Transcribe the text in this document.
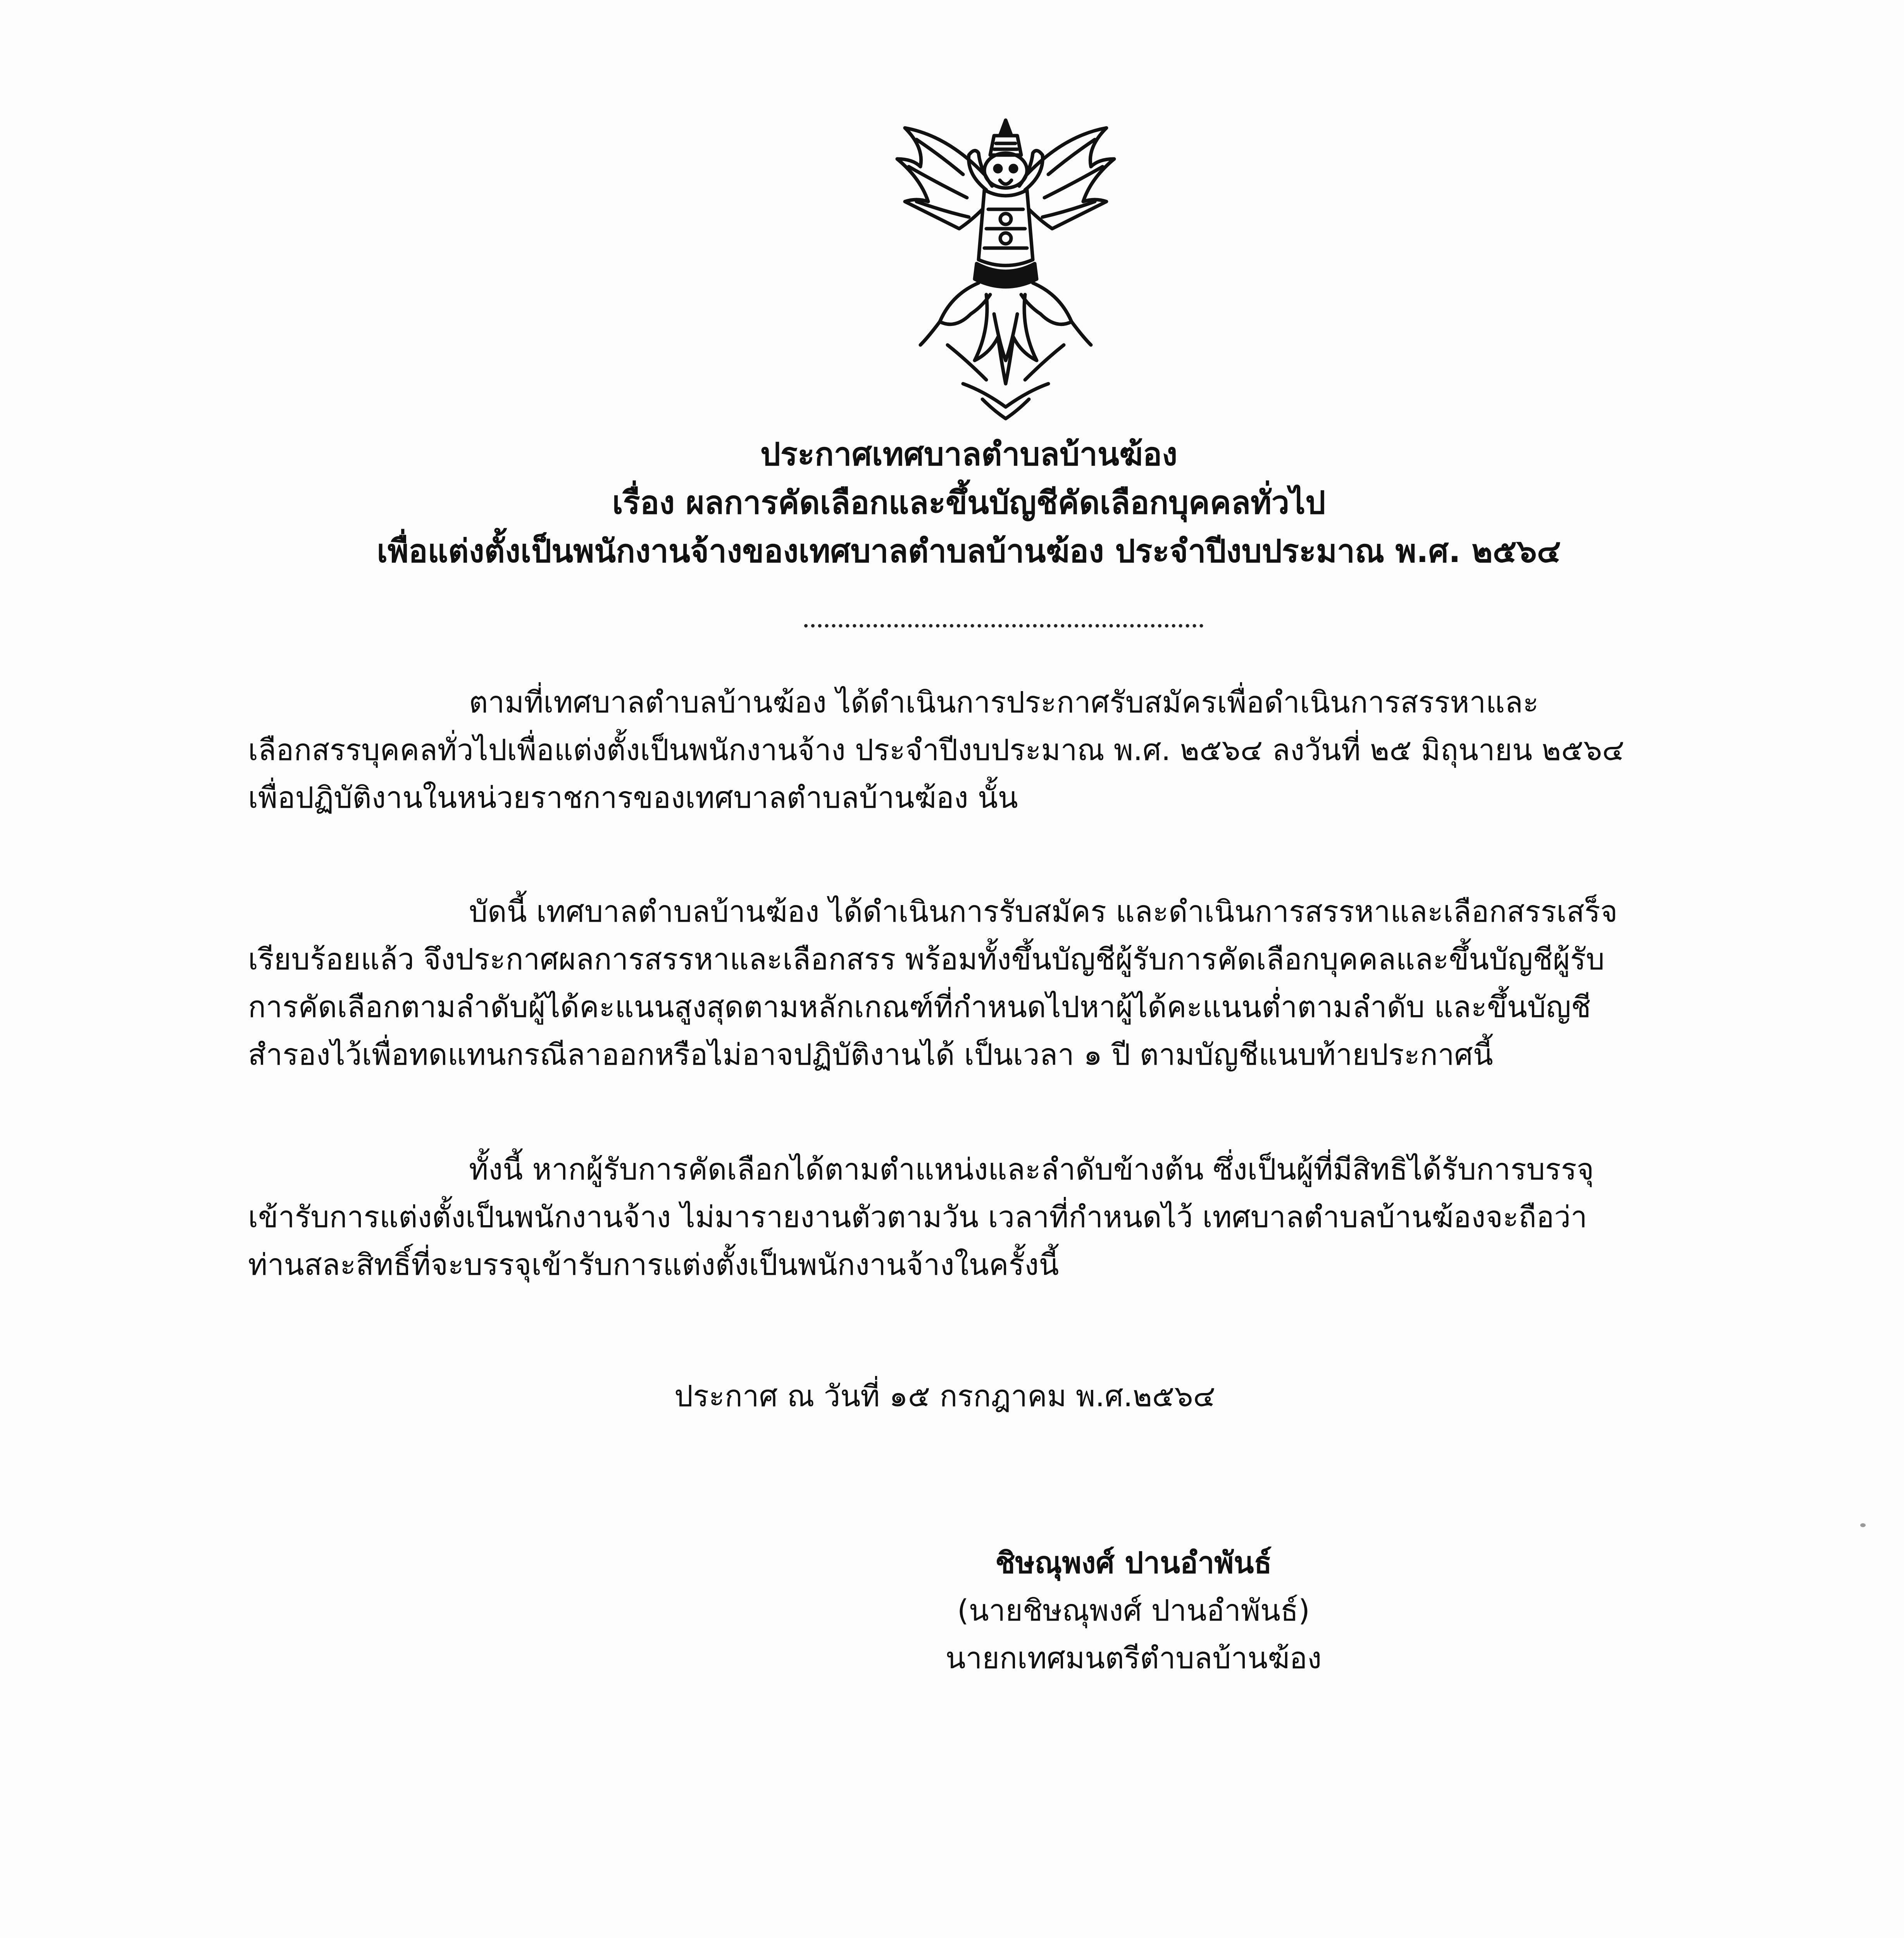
ประกาศเทศบาลตำบลบ้านฆ้อง
เรื่อง ผลการคัดเลือกและขึ้นบัญชีคัดเลือกบุคคลทั่วไป
เพื่อแต่งตั้งเป็นพนักงานจ้างของเทศบาลตำบลบ้านฆ้อง ประจำปีงบประมาณ พ.ศ. ๒๕๖๔
ตามที่เทศบาลตำบลบ้านฆ้อง ได้ดำเนินการประกาศรับสมัครเพื่อดำเนินการสรรหาและ
เลือกสรรบุคคลทั่วไปเพื่อแต่งตั้งเป็นพนักงานจ้าง ประจำปีงบประมาณ พ.ศ. ๒๕๖๔ ลงวันที่ ๒๕ มิถุนายน ๒๕๖๔
เพื่อปฏิบัติงานในหน่วยราชการของเทศบาลตำบลบ้านฆ้อง นั้น
บัดนี้ เทศบาลตำบลบ้านฆ้อง ได้ดำเนินการรับสมัคร และดำเนินการสรรหาและเลือกสรรเสร็จ
เรียบร้อยแล้ว จึงประกาศผลการสรรหาและเลือกสรร พร้อมทั้งขึ้นบัญชีผู้รับการคัดเลือกบุคคลและขึ้นบัญชีผู้รับ
การคัดเลือกตามลำดับผู้ได้คะแนนสูงสุดตามหลักเกณฑ์ที่กำหนดไปหาผู้ได้คะแนนต่ำตามลำดับ และขึ้นบัญชี
สำรองไว้เพื่อทดแทนกรณีลาออกหรือไม่อาจปฏิบัติงานได้ เป็นเวลา ๑ ปี ตามบัญชีแนบท้ายประกาศนี้
ทั้งนี้ หากผู้รับการคัดเลือกได้ตามตำแหน่งและลำดับข้างต้น ซึ่งเป็นผู้ที่มีสิทธิได้รับการบรรจุ
เข้ารับการแต่งตั้งเป็นพนักงานจ้าง ไม่มารายงานตัวตามวัน เวลาที่กำหนดไว้ เทศบาลตำบลบ้านฆ้องจะถือว่า
ท่านสละสิทธิ์ที่จะบรรจุเข้ารับการแต่งตั้งเป็นพนักงานจ้างในครั้งนี้
ประกาศ ณ วันที่ ๑๕ กรกฎาคม พ.ศ.๒๕๖๔
ชิษณุพงศ์ ปานอำพันธ์
(นายชิษณุพงศ์ ปานอำพันธ์)
นายกเทศมนตรีตำบลบ้านฆ้อง
